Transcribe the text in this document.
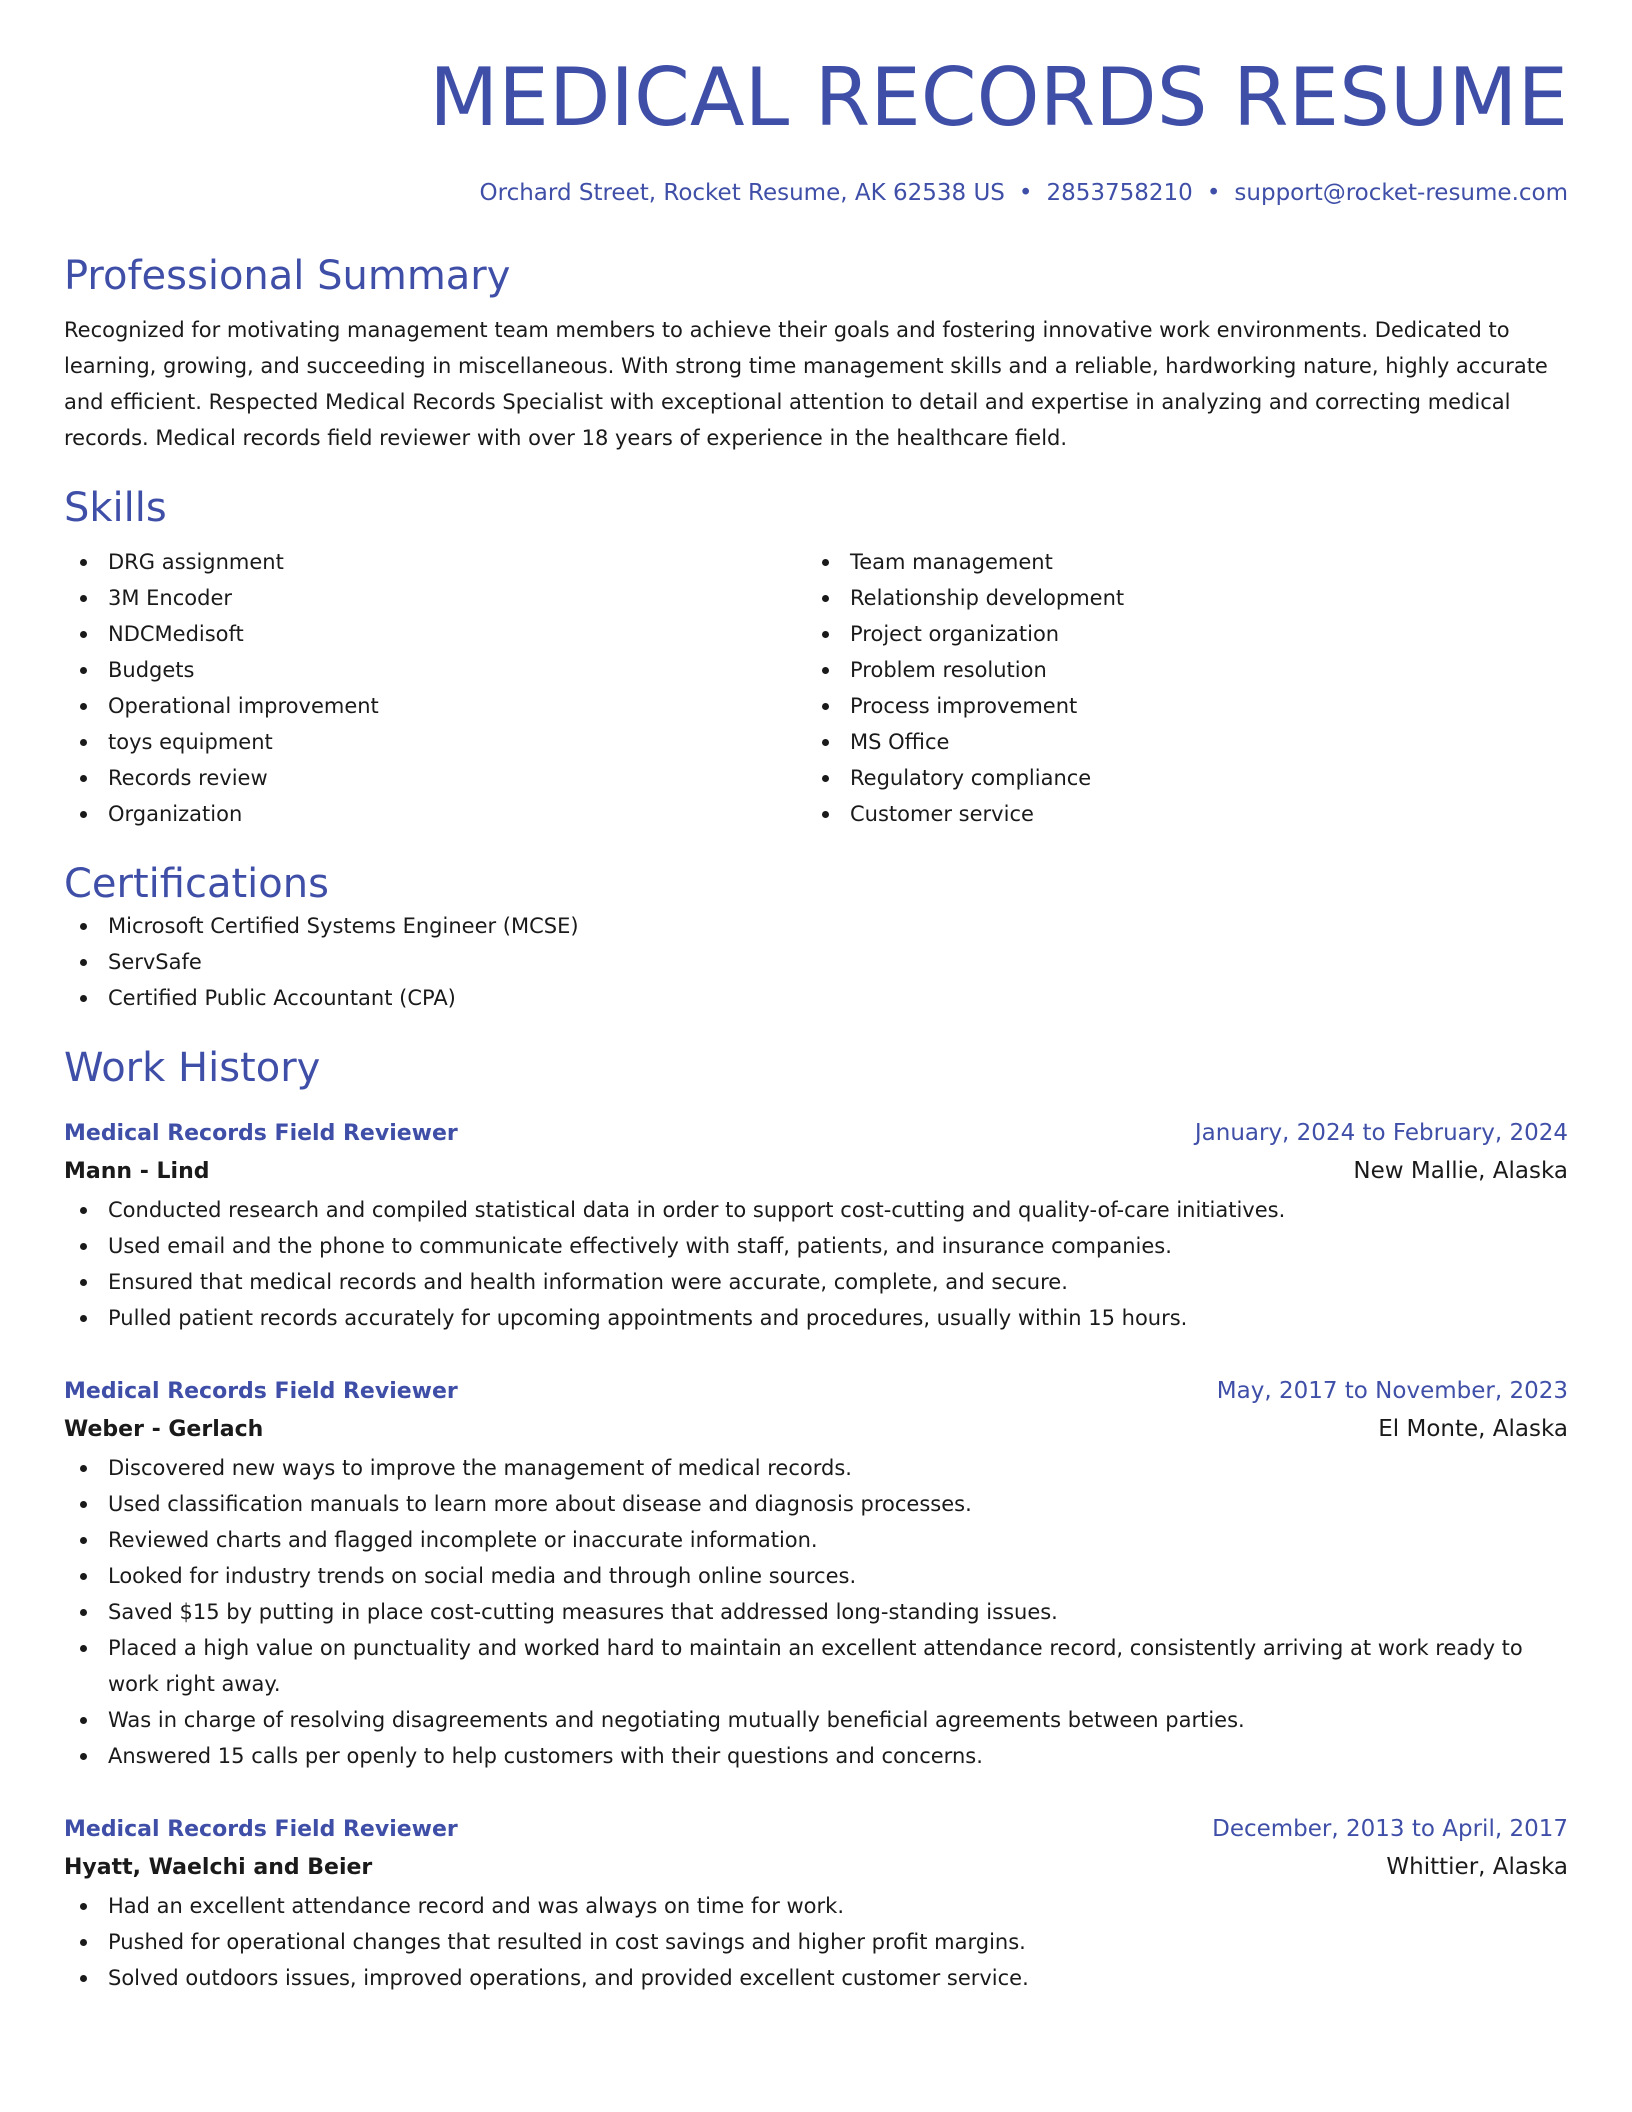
MEDICAL RECORDS RESUME
Orchard Street, Rocket Resume, AK 62538 US • 2853758210 • support@rocket-resume.com
Professional Summary

Recognized for motivating management team members to achieve their goals and fostering innovative work environments. Dedicated to learning, growing, and succeeding in miscellaneous. With strong time management skills and a reliable, hardworking nature, highly accurate and efficient. Respected Medical Records Specialist with exceptional attention to detail and expertise in analyzing and correcting medical records. Medical records field reviewer with over 18 years of experience in the healthcare field.

Skills
DRG assignment
3M Encoder
NDCMedisoft
Budgets
Operational improvement
toys equipment
Records review
Organization
Team management
Relationship development
Project organization
Problem resolution
Process improvement
MS Office
Regulatory compliance
Customer service
Certifications
Microsoft Certified Systems Engineer (MCSE)
ServSafe
Certified Public Accountant (CPA)
Work History
Medical Records Field Reviewer	January, 2024 to February, 2024
Mann - Lind	New Mallie, Alaska
Conducted research and compiled statistical data in order to support cost-cutting and quality-of-care initiatives.
Used email and the phone to communicate effectively with staff, patients, and insurance companies.
Ensured that medical records and health information were accurate, complete, and secure.
Pulled patient records accurately for upcoming appointments and procedures, usually within 15 hours.
Medical Records Field Reviewer	May, 2017 to November, 2023
Weber - Gerlach	El Monte, Alaska
Discovered new ways to improve the management of medical records.
Used classification manuals to learn more about disease and diagnosis processes.
Reviewed charts and flagged incomplete or inaccurate information.
Looked for industry trends on social media and through online sources.
Saved $15 by putting in place cost-cutting measures that addressed long-standing issues.
Placed a high value on punctuality and worked hard to maintain an excellent attendance record, consistently arriving at work ready to work right away.
Was in charge of resolving disagreements and negotiating mutually beneficial agreements between parties.
Answered 15 calls per openly to help customers with their questions and concerns.
Medical Records Field Reviewer	December, 2013 to April, 2017
Hyatt, Waelchi and Beier	Whittier, Alaska
Had an excellent attendance record and was always on time for work.
Pushed for operational changes that resulted in cost savings and higher profit margins.
Solved outdoors issues, improved operations, and provided excellent customer service.
